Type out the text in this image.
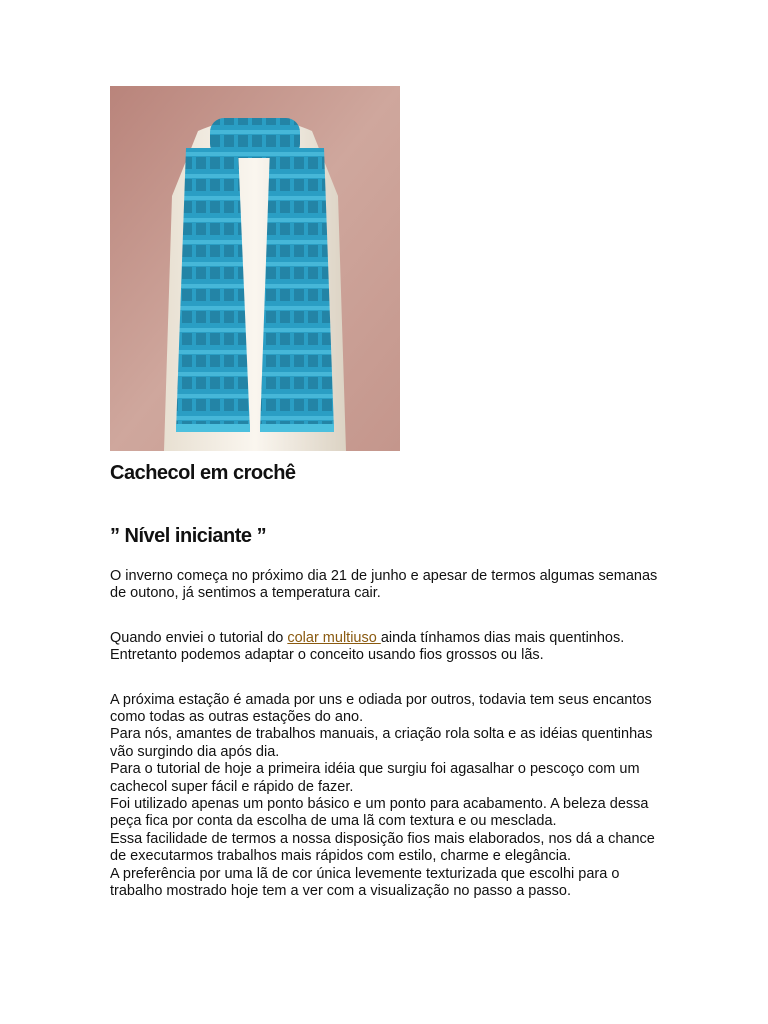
Cachecol em crochê
” Nível iniciante ”

O inverno começa no próximo dia 21 de junho e apesar de termos algumas semanas de outono, já sentimos a temperatura cair.

Quando enviei o tutorial do colar multiuso ainda tínhamos dias mais quentinhos.
Entretanto podemos adaptar o conceito usando fios grossos ou lãs.

A próxima estação é amada por uns e odiada por outros, todavia tem seus encantos como todas as outras estações do ano.
Para nós, amantes de trabalhos manuais, a criação rola solta e as idéias quentinhas vão surgindo dia após dia.
Para o tutorial de hoje a primeira idéia que surgiu foi agasalhar o pescoço com um cachecol super fácil e rápido de fazer.
Foi utilizado apenas um ponto básico e um ponto para acabamento. A beleza dessa peça fica por conta da escolha de uma lã com textura e ou mesclada.
Essa facilidade de termos a nossa disposição fios mais elaborados, nos dá a chance de executarmos trabalhos mais rápidos com estilo, charme e elegância.
A preferência por uma lã de cor única levemente texturizada que escolhi para o trabalho mostrado hoje tem a ver com a visualização no passo a passo.
